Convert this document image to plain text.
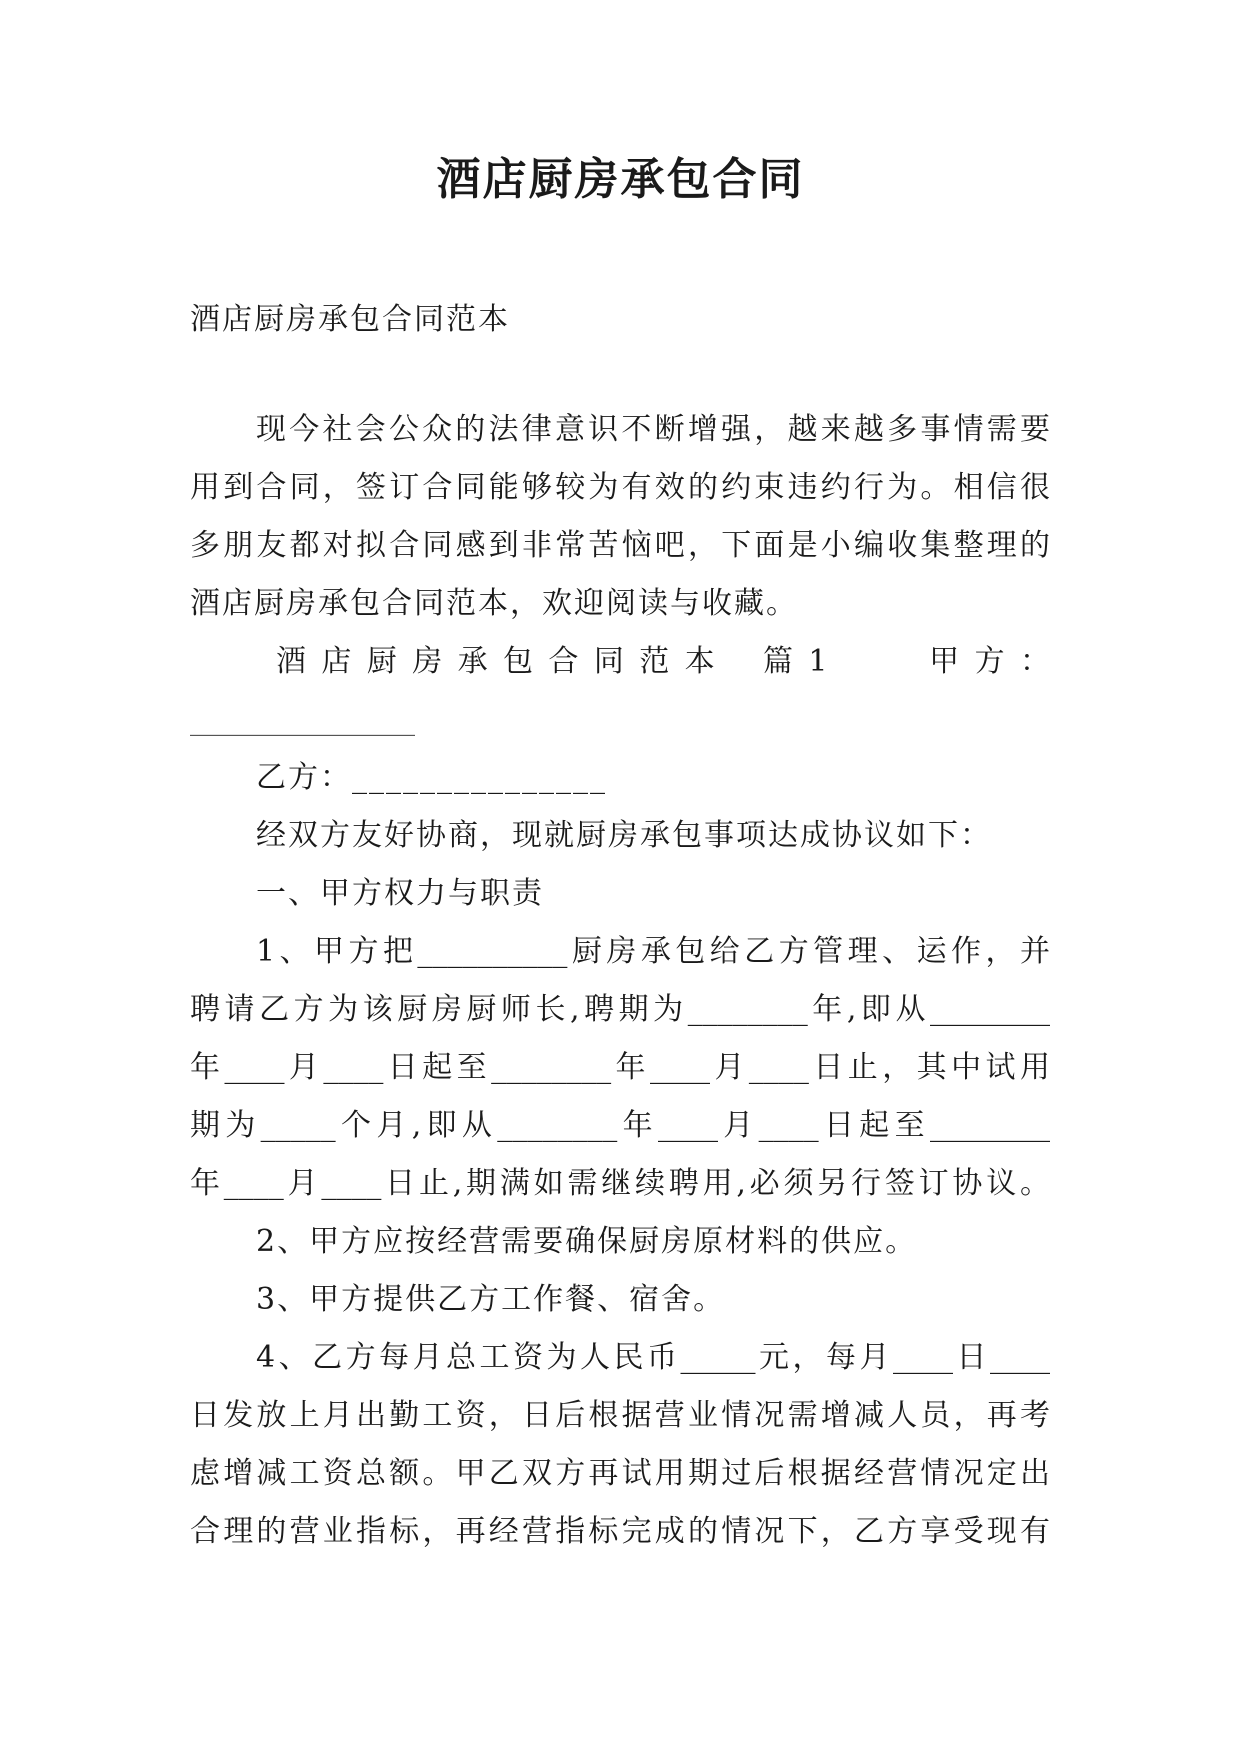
酒店厨房承包合同
酒店厨房承包合同范本
现今社会公众的法律意识不断增强，越来越多事情需要
用到合同，签订合同能够较为有效的约束违约行为。相信很
多朋友都对拟合同感到非常苦恼吧，下面是小编收集整理的
酒店厨房承包合同范本，欢迎阅读与收藏。
酒 店 厨 房 承 包 合 同 范 本　 篇 1　　　甲 方 ：
_______________
乙方：_______________
经双方友好协商，现就厨房承包事项达成协议如下：
一、甲方权力与职责
1、甲方把__________厨房承包给乙方管理、运作，并
聘请乙方为该厨房厨师长,聘期为________年,即从________
年____月____日起至________年____月____日止，其中试用
期为_____个月,即从________年____月____日起至________
年____月____日止,期满如需继续聘用,必须另行签订协议。
2、甲方应按经营需要确保厨房原材料的供应。
3、甲方提供乙方工作餐、宿舍。
4、乙方每月总工资为人民币_____元，每月____日____
日发放上月出勤工资，日后根据营业情况需增减人员，再考
虑增减工资总额。甲乙双方再试用期过后根据经营情况定出
合理的营业指标，再经营指标完成的情况下，乙方享受现有
